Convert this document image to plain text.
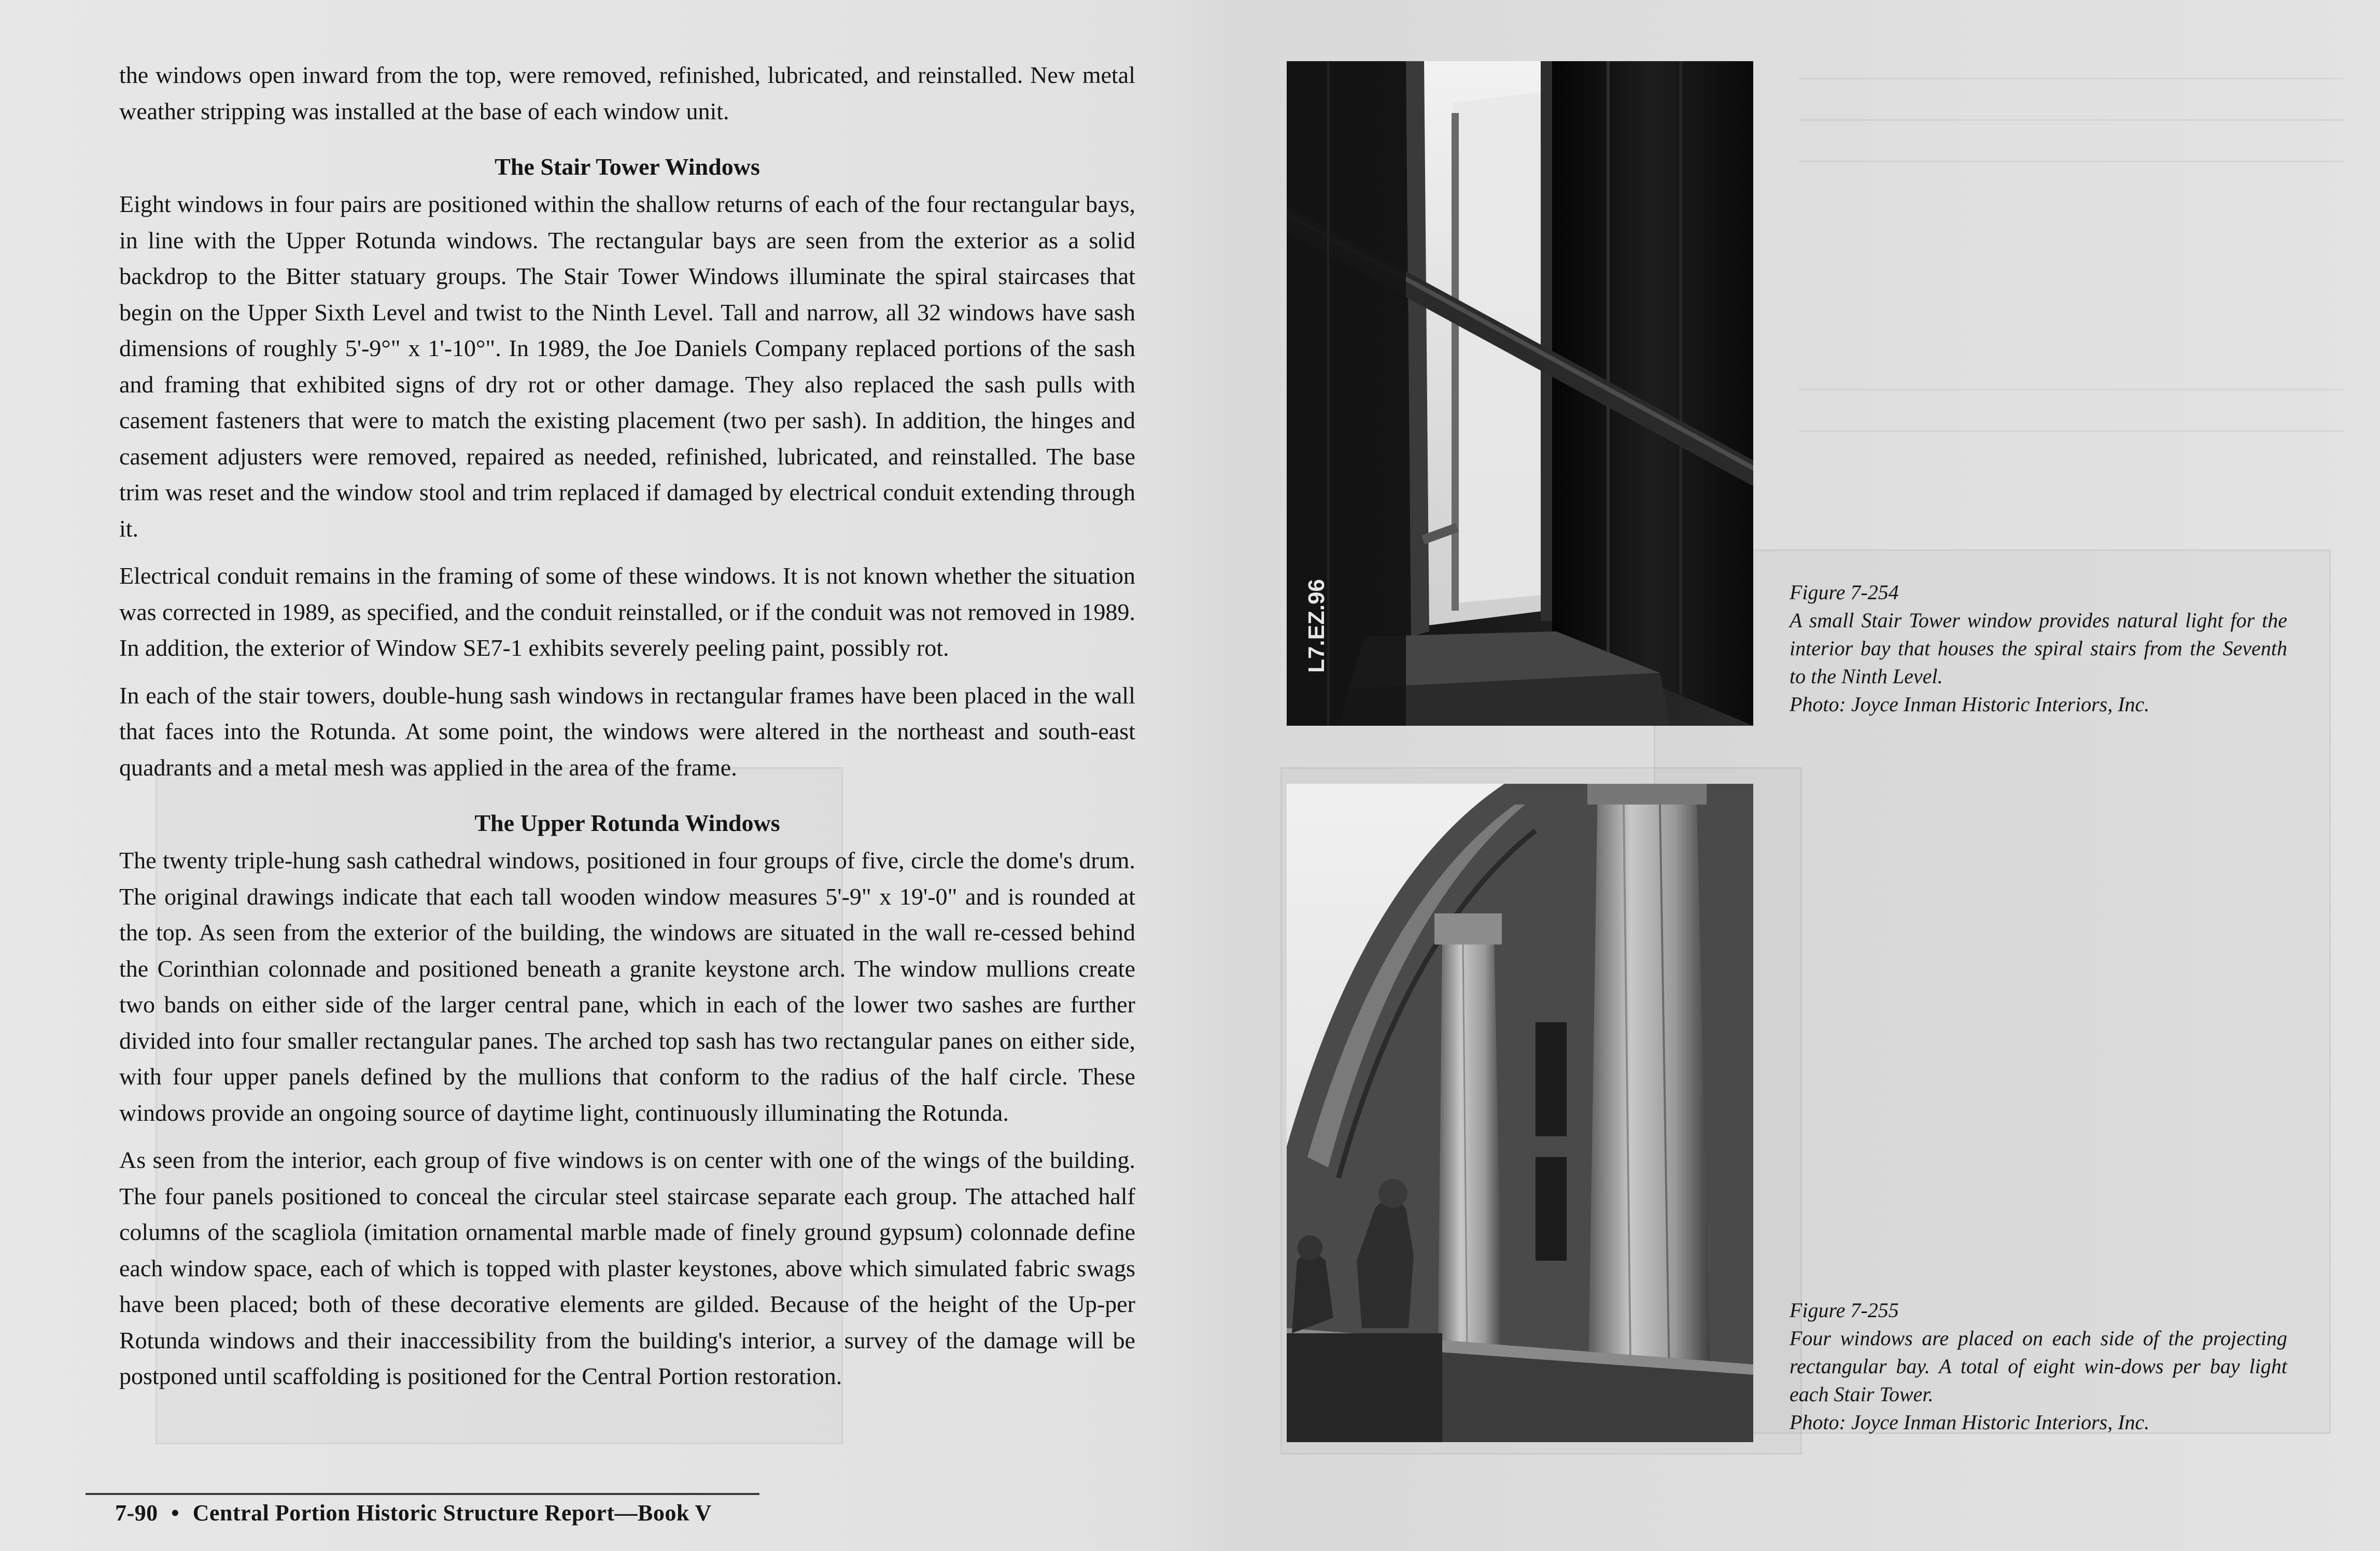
the windows open inward from the top, were removed, refinished, lubricated, and reinstalled. New metal weather stripping was installed at the base of each window unit.

The Stair Tower Windows

Eight windows in four pairs are positioned within the shallow returns of each of the four rectangular bays, in line with the Upper Rotunda windows. The rectangular bays are seen from the exterior as a solid backdrop to the Bitter statuary groups. The Stair Tower Windows illuminate the spiral staircases that begin on the Upper Sixth Level and twist to the Ninth Level. Tall and narrow, all 32 windows have sash dimensions of roughly 5'-9°" x 1'-10°". In 1989, the Joe Daniels Company replaced portions of the sash and framing that exhibited signs of dry rot or other damage. They also replaced the sash pulls with casement fasteners that were to match the existing placement (two per sash). In addition, the hinges and casement adjusters were removed, repaired as needed, refinished, lubricated, and reinstalled. The base trim was reset and the window stool and trim replaced if damaged by electrical conduit extending through it.

Electrical conduit remains in the framing of some of these windows. It is not known whether the situation was corrected in 1989, as specified, and the conduit reinstalled, or if the conduit was not removed in 1989. In addition, the exterior of Window SE7-1 exhibits severely peeling paint, possibly rot.

In each of the stair towers, double-hung sash windows in rectangular frames have been placed in the wall that faces into the Rotunda. At some point, the windows were altered in the northeast and south-east quadrants and a metal mesh was applied in the area of the frame.

The Upper Rotunda Windows

The twenty triple-hung sash cathedral windows, positioned in four groups of five, circle the dome's drum. The original drawings indicate that each tall wooden window measures 5'-9" x 19'-0" and is rounded at the top. As seen from the exterior of the building, the windows are situated in the wall re-cessed behind the Corinthian colonnade and positioned beneath a granite keystone arch. The window mullions create two bands on either side of the larger central pane, which in each of the lower two sashes are further divided into four smaller rectangular panes. The arched top sash has two rectangular panes on either side, with four upper panels defined by the mullions that conform to the radius of the half circle. These windows provide an ongoing source of daytime light, continuously illuminating the Rotunda.

As seen from the interior, each group of five windows is on center with one of the wings of the building. The four panels positioned to conceal the circular steel staircase separate each group. The attached half columns of the scagliola (imitation ornamental marble made of finely ground gypsum) colonnade define each window space, each of which is topped with plaster keystones, above which simulated fabric swags have been placed; both of these decorative elements are gilded. Because of the height of the Up-per Rotunda windows and their inaccessibility from the building's interior, a survey of the damage will be postponed until scaffolding is positioned for the Central Portion restoration.

7-90 • Central Portion Historic Structure Report—Book V
L7.EZ.96	Figure 7-254
A small Stair Tower window provides natural light for the interior bay that houses the spiral stairs from the Seventh to the Ninth Level.
Photo: Joyce Inman Historic Interiors, Inc.
Figure 7-255
Four windows are placed on each side of the projecting rectangular bay. A total of eight win-dows per bay light each Stair Tower.
Photo: Joyce Inman Historic Interiors, Inc.
